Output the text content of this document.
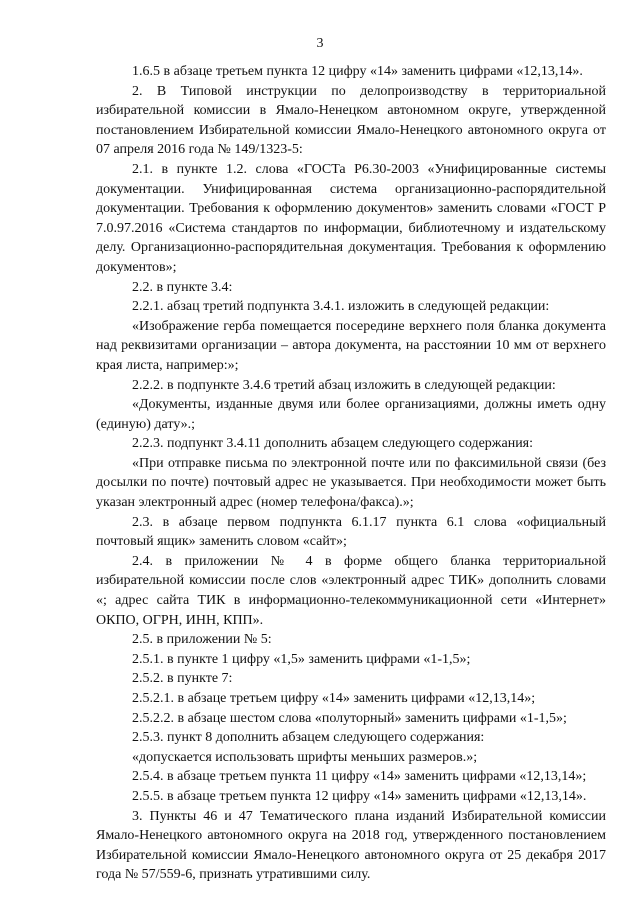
3

1.6.5 в абзаце третьем пункта 12 цифру «14» заменить цифрами «12,13,14».

2. В Типовой инструкции по делопроизводству в территориальной избирательной комиссии в Ямало-Ненецком автономном округе, утвержденной постановлением Избирательной комиссии Ямало-Ненецкого автономного округа от 07 апреля 2016 года № 149/1323-5:

2.1. в пункте 1.2. слова «ГОСТа Р6.30-2003 «Унифицированные системы документации. Унифицированная система организационно-распорядительной документации. Требования к оформлению документов» заменить словами «ГОСТ Р 7.0.97.2016 «Система стандартов по информации, библиотечному и издательскому делу. Организационно-распорядительная документация. Требования к оформлению документов»;

2.2. в пункте 3.4:

2.2.1. абзац третий подпункта 3.4.1. изложить в следующей редакции:

«Изображение герба помещается посередине верхнего поля бланка документа над реквизитами организации – автора документа, на расстоянии 10 мм от верхнего края листа, например:»;

2.2.2. в подпункте 3.4.6 третий абзац изложить в следующей редакции:

«Документы, изданные двумя или более организациями, должны иметь одну (единую) дату».;

2.2.3. подпункт 3.4.11 дополнить абзацем следующего содержания:

«При отправке письма по электронной почте или по факсимильной связи (без досылки по почте) почтовый адрес не указывается. При необходимости может быть указан электронный адрес (номер телефона/факса).»;

2.3. в абзаце первом подпункта 6.1.17 пункта 6.1 слова «официальный почтовый ящик» заменить словом «сайт»;

2.4. в приложении № 4 в форме общего бланка территориальной избирательной комиссии после слов «электронный адрес ТИК» дополнить словами «; адрес сайта ТИК в информационно-телекоммуникационной сети «Интернет» ОКПО, ОГРН, ИНН, КПП».

2.5. в приложении № 5:

2.5.1. в пункте 1 цифру «1,5» заменить цифрами «1-1,5»;

2.5.2. в пункте 7:

2.5.2.1. в абзаце третьем цифру «14» заменить цифрами «12,13,14»;

2.5.2.2. в абзаце шестом слова «полуторный» заменить цифрами «1-1,5»;

2.5.3. пункт 8 дополнить абзацем следующего содержания:

«допускается использовать шрифты меньших размеров.»;

2.5.4. в абзаце третьем пункта 11 цифру «14» заменить цифрами «12,13,14»;

2.5.5. в абзаце третьем пункта 12 цифру «14» заменить цифрами «12,13,14».

3. Пункты 46 и 47 Тематического плана изданий Избирательной комиссии Ямало-Ненецкого автономного округа на 2018 год, утвержденного постановлением Избирательной комиссии Ямало-Ненецкого автономного округа от 25 декабря 2017 года № 57/559-6, признать утратившими силу.
